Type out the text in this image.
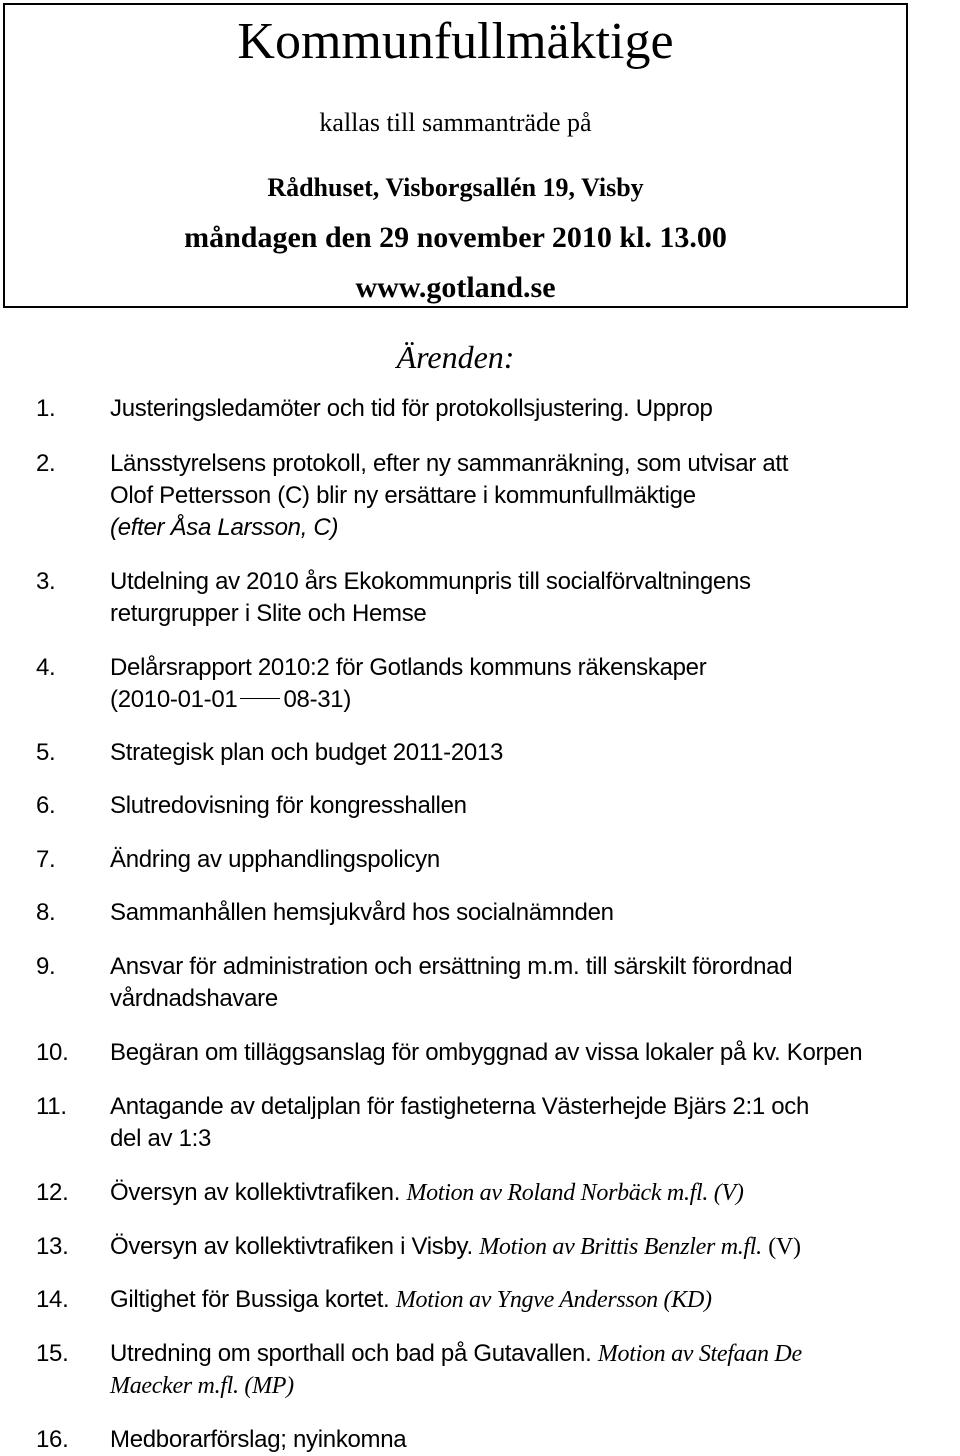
Kommunfullmäktige
kallas till sammanträde på
Rådhuset, Visborgsallén 19, Visby
måndagen den 29 november 2010 kl. 13.00
www.gotland.se
Ärenden:
1. Justeringsledamöter och tid för protokollsjustering. Upprop
2. Länsstyrelsens protokoll, efter ny sammanräkning, som utvisar att
Olof Pettersson (C) blir ny ersättare i kommunfullmäktige
(efter Åsa Larsson, C)
3. Utdelning av 2010 års Ekokommunpris till socialförvaltningens
returgrupper i Slite och Hemse
4. Delårsrapport 2010:2 för Gotlands kommuns räkenskaper
(2010-01-01 08-31)
5. Strategisk plan och budget 2011-2013
6. Slutredovisning för kongresshallen
7. Ändring av upphandlingspolicyn
8. Sammanhållen hemsjukvård hos socialnämnden
9. Ansvar för administration och ersättning m.m. till särskilt förordnad
vårdnadshavare
10. Begäran om tilläggsanslag för ombyggnad av vissa lokaler på kv. Korpen
11. Antagande av detaljplan för fastigheterna Västerhejde Bjärs 2:1 och
del av 1:3
12. Översyn av kollektivtrafiken. Motion av Roland Norbäck m.fl. (V)
13. Översyn av kollektivtrafiken i Visby. Motion av Brittis Benzler m.fl. (V)
14. Giltighet för Bussiga kortet. Motion av Yngve Andersson (KD)
15. Utredning om sporthall och bad på Gutavallen. Motion av Stefaan De
Maecker m.fl. (MP)
16. Medborarförslag; nyinkomna
